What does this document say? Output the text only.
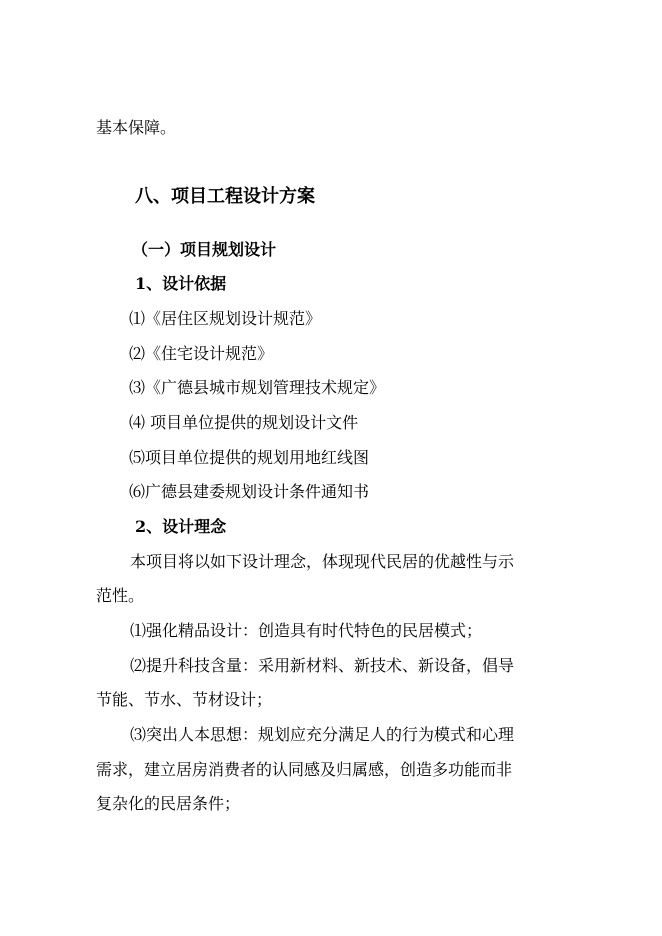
基本保障。
八、项目工程设计方案
（一）项目规划设计
1、设计依据
⑴《居住区规划设计规范》
⑵《住宅设计规范》
⑶《广德县城市规划管理技术规定》
⑷ 项目单位提供的规划设计文件
⑸项目单位提供的规划用地红线图
⑹广德县建委规划设计条件通知书
2、设计理念
本项目将以如下设计理念，体现现代民居的优越性与示
范性。
⑴强化精品设计：创造具有时代特色的民居模式；
⑵提升科技含量：采用新材料、新技术、新设备，倡导
节能、节水、节材设计；
⑶突出人本思想：规划应充分满足人的行为模式和心理
需求，建立居房消费者的认同感及归属感，创造多功能而非
复杂化的民居条件；
